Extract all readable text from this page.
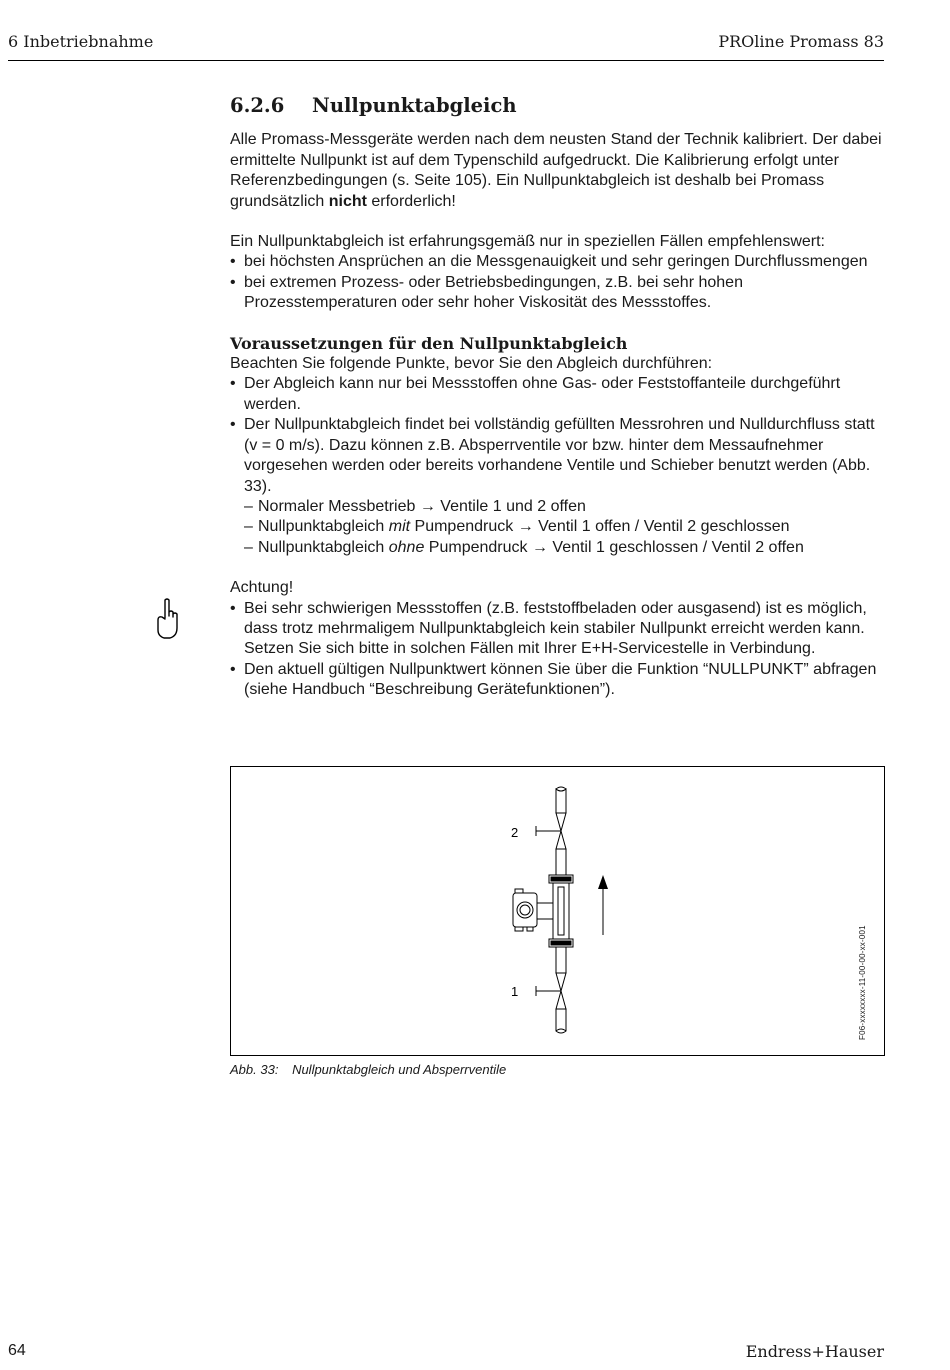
6 Inbetriebnahme	PROline Promass 83
6.2.6	Nullpunktabgleich

Alle Promass-Messgeräte werden nach dem neusten Stand der Technik kalibriert. Der dabei ermittelte Nullpunkt ist auf dem Typenschild aufgedruckt. Die Kalibrierung erfolgt unter Referenzbedingungen (s. Seite 105). Ein Nullpunktabgleich ist deshalb bei Promass grundsätzlich nicht erforderlich!

Ein Nullpunktabgleich ist erfahrungsgemäß nur in speziellen Fällen empfehlenswert:

• bei höchsten Ansprüchen an die Messgenauigkeit und sehr geringen Durchflussmengen
• bei extremen Prozess- oder Betriebsbedingungen, z.B. bei sehr hohen Prozesstemperaturen oder sehr hoher Viskosität des Messstoffes.

Voraussetzungen für den Nullpunktabgleich

Beachten Sie folgende Punkte, bevor Sie den Abgleich durchführen:

• Der Abgleich kann nur bei Messstoffen ohne Gas- oder Feststoffanteile durchgeführt werden.
• Der Nullpunktabgleich findet bei vollständig gefüllten Messrohren und Nulldurchfluss statt (v = 0 m/s). Dazu können z.B. Absperrventile vor bzw. hinter dem Messaufnehmer vorgesehen werden oder bereits vorhandene Ventile und Schieber benutzt werden (Abb. 33).
– Normaler Messbetrieb → Ventile 1 und 2 offen
– Nullpunktabgleich mit Pumpendruck → Ventil 1 offen / Ventil 2 geschlossen
– Nullpunktabgleich ohne Pumpendruck → Ventil 1 geschlossen / Ventil 2 offen

Achtung!

• Bei sehr schwierigen Messstoffen (z.B. feststoffbeladen oder ausgasend) ist es möglich, dass trotz mehrmaligem Nullpunktabgleich kein stabiler Nullpunkt erreicht werden kann. Setzen Sie sich bitte in solchen Fällen mit Ihrer E+H-Servicestelle in Verbindung.
• Den aktuell gültigen Nullpunktwert können Sie über die Funktion “NULLPUNKT” abfragen (siehe Handbuch “Beschreibung Gerätefunktionen”).
2
1	F06-xxxxxxxx-11-00-00-xx-001
Abb. 33: Nullpunktabgleich und Absperrventile
64	Endress+Hauser
